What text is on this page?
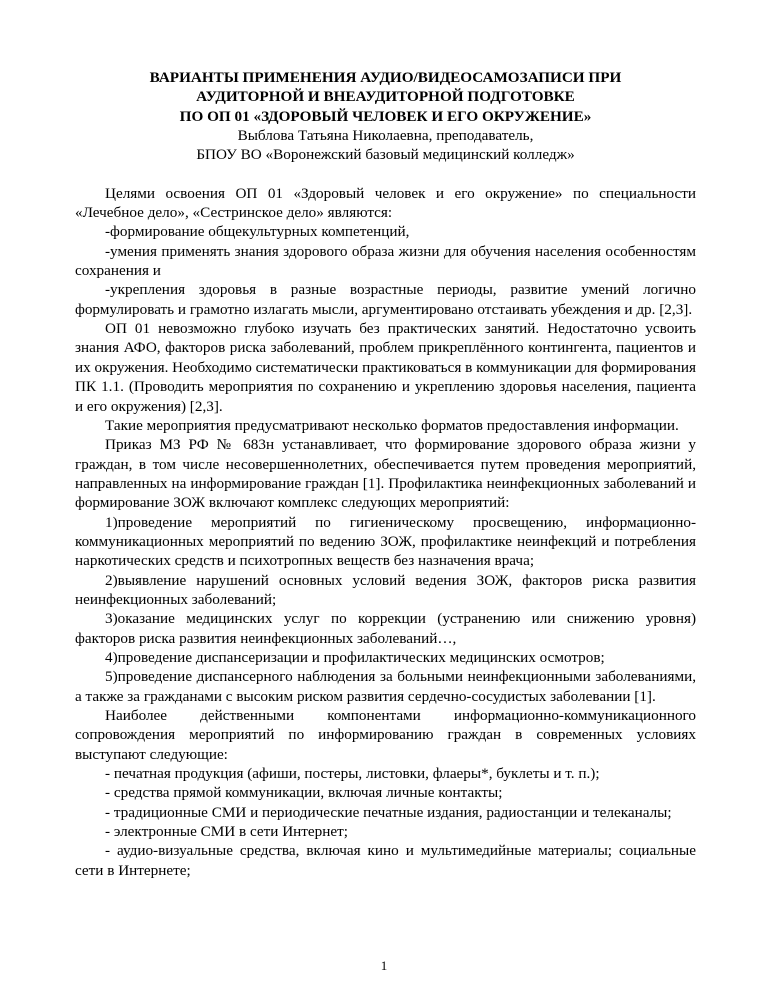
ВАРИАНТЫ ПРИМЕНЕНИЯ АУДИО/ВИДЕОСАМОЗАПИСИ ПРИ

АУДИТОРНОЙ И ВНЕАУДИТОРНОЙ ПОДГОТОВКЕ

ПО ОП 01 «ЗДОРОВЫЙ ЧЕЛОВЕК И ЕГО ОКРУЖЕНИЕ»

Выблова Татьяна Николаевна, преподаватель,

БПОУ ВО «Воронежский базовый медицинский колледж»

Целями освоения ОП 01 «Здоровый человек и его окружение» по специальности «Лечебное дело», «Сестринское дело» являются:

-формирование общекультурных компетенций,

-умения применять знания здорового образа жизни для обучения населения особенностям сохранения и

-укрепления здоровья в разные возрастные периоды, развитие умений логично формулировать и грамотно излагать мысли, аргументировано отстаивать убеждения и др. [2,3].

ОП 01 невозможно глубоко изучать без практических занятий. Недостаточно усвоить знания АФО, факторов риска заболеваний, проблем прикреплённого контингента, пациентов и их окружения. Необходимо систематически практиковаться в коммуникации для формирования ПК 1.1. (Проводить мероприятия по сохранению и укреплению здоровья населения, пациента и его окружения) [2,3].

Такие мероприятия предусматривают несколько форматов предоставления информации.

Приказ МЗ РФ № 683н устанавливает, что формирование здорового образа жизни у граждан, в том числе несовершеннолетних, обеспечивается путем проведения мероприятий, направленных на информирование граждан [1]. Профилактика неинфекционных заболеваний и формирование ЗОЖ включают комплекс следующих мероприятий:

1)проведение мероприятий по гигиеническому просвещению, информационно-коммуникационных мероприятий по ведению ЗОЖ, профилактике неинфекций и потребления наркотических средств и психотропных веществ без назначения врача;

2)выявление нарушений основных условий ведения ЗОЖ, факторов риска развития неинфекционных заболеваний;

3)оказание медицинских услуг по коррекции (устранению или снижению уровня) факторов риска развития неинфекционных заболеваний…,

4)проведение диспансеризации и профилактических медицинских осмотров;

5)проведение диспансерного наблюдения за больными неинфекционными заболеваниями, а также за гражданами с высоким риском развития сердечно-сосудистых заболевании [1].

Наиболее действенными компонентами информационно-коммуникационного сопровождения мероприятий по информированию граждан в современных условиях выступают следующие:

- печатная продукция (афиши, постеры, листовки, флаеры*, буклеты и т. п.);

- средства прямой коммуникации, включая личные контакты;

- традиционные СМИ и периодические печатные издания, радиостанции и телеканалы;

- электронные СМИ в сети Интернет;

- аудио-визуальные средства, включая кино и мультимедийные материалы; социальные сети в Интернете;

1
